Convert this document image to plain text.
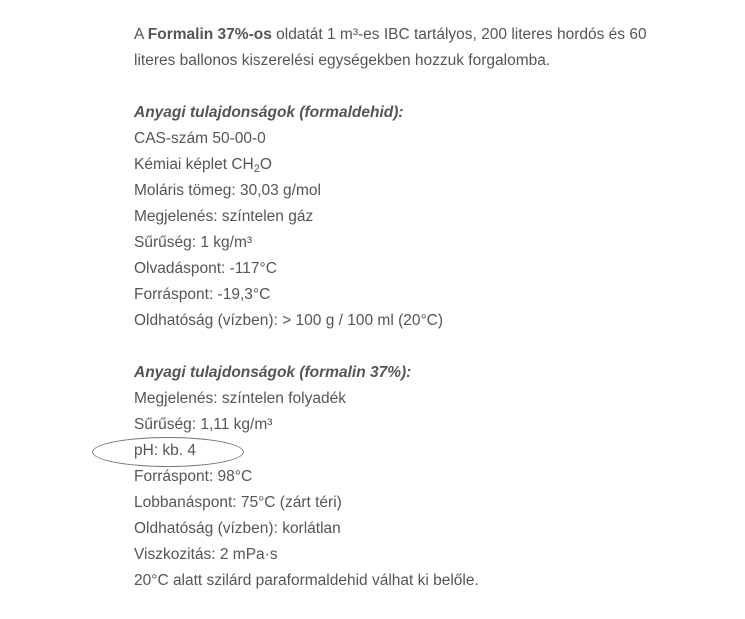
A Formalin 37%-os oldatát 1 m³-es IBC tartályos, 200 literes hordós és 60
literes ballonos kiszerelési egységekben hozzuk forgalomba.
Anyagi tulajdonságok (formaldehid):
CAS-szám 50-00-0
Kémiai képlet $CH_2O$
Moláris tömeg: 30,03 g/mol
Megjelenés: színtelen gáz
Sűrűség: 1 kg/m³
Olvadáspont: -117°C
Forráspont: -19,3°C
Oldhatóság (vízben): > 100 g / 100 ml (20°C)
Anyagi tulajdonságok (formalin 37%):
Megjelenés: színtelen folyadék
Sűrűség: 1,11 kg/m³
pH: kb. 4
Forráspont: 98°C
Lobbanáspont: 75°C (zárt téri)
Oldhatóság (vízben): korlátlan
Viszkozitás: 2 mPa·s
20°C alatt szilárd paraformaldehid válhat ki belőle.
